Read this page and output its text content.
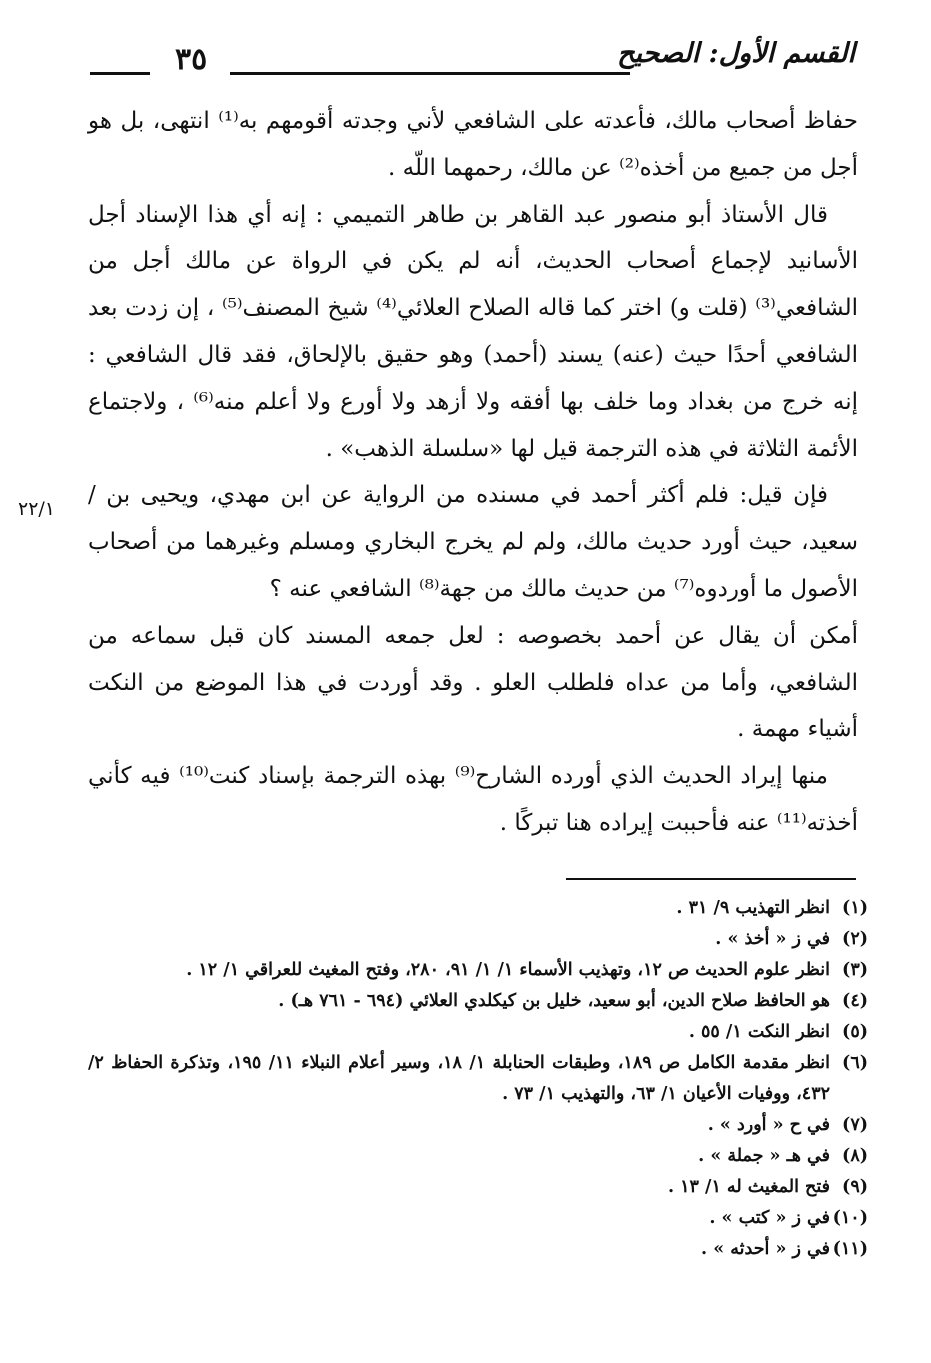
القسم الأول: الصحيح
٣٥

حفاظ أصحاب مالك، فأعدته على الشافعي لأني وجدته أقومهم به⁽¹⁾ انتهى، بل هو أجل من جميع من أخذه⁽²⁾ عن مالك، رحمهما اللّه .

قال الأستاذ أبو منصور عبد القاهر بن طاهر التميمي : إنه أي هذا الإسناد أجل الأسانيد لإجماع أصحاب الحديث، أنه لم يكن في الرواة عن مالك أجل من الشافعي⁽³⁾ (قلت و) اختر كما قاله الصلاح العلائي⁽⁴⁾ شيخ المصنف⁽⁵⁾ ، إن زدت بعد الشافعي أحدًا حيث (عنه) يسند (أحمد) وهو حقيق بالإلحاق، فقد قال الشافعي : إنه خرج من بغداد وما خلف بها أفقه ولا أزهد ولا أورع ولا أعلم منه⁽⁶⁾ ، ولاجتماع الأئمة الثلاثة في هذه الترجمة قيل لها «سلسلة الذهب» .

فإن قيل: فلم أكثر أحمد في مسنده من الرواية عن ابن مهدي، ويحيى بن / سعيد، حيث أورد حديث مالك، ولم لم يخرج البخاري ومسلم وغيرهما من أصحاب الأصول ما أوردوه⁽⁷⁾ من حديث مالك من جهة⁽⁸⁾ الشافعي عنه ؟

أمكن أن يقال عن أحمد بخصوصه : لعل جمعه المسند كان قبل سماعه من الشافعي، وأما من عداه فلطلب العلو . وقد أوردت في هذا الموضع من النكت أشياء مهمة .

منها إيراد الحديث الذي أورده الشارح⁽⁹⁾ بهذه الترجمة بإسناد كنت⁽¹⁰⁾ فيه كأني أخذته⁽¹¹⁾ عنه فأحببت إيراده هنا تبركًا .

٢٢/١
(١)
انظر التهذيب ٩/ ٣١ .
(٢)
في ز « أخذ » .
(٣)
انظر علوم الحديث ص ١٢، وتهذيب الأسماء ١/ ١/ ٩١، ٢٨٠، وفتح المغيث للعراقي ١/ ١٢ .
(٤)
هو الحافظ صلاح الدين، أبو سعيد، خليل بن كيكلدي العلائي (٦٩٤ - ٧٦١ هـ) .
(٥)
انظر النكت ١/ ٥٥ .
(٦)
انظر مقدمة الكامل ص ١٨٩، وطبقات الحنابلة ١/ ١٨، وسير أعلام النبلاء ١١/ ١٩٥، وتذكرة الحفاظ ٢/ ٤٣٢، ووفيات الأعيان ١/ ٦٣، والتهذيب ١/ ٧٣ .
(٧)
في ح « أورد » .
(٨)
في هـ « جملة » .
(٩)
فتح المغيث له ١/ ١٣ .
(١٠)
في ز « كتب » .
(١١)
في ز « أحدثه » .
